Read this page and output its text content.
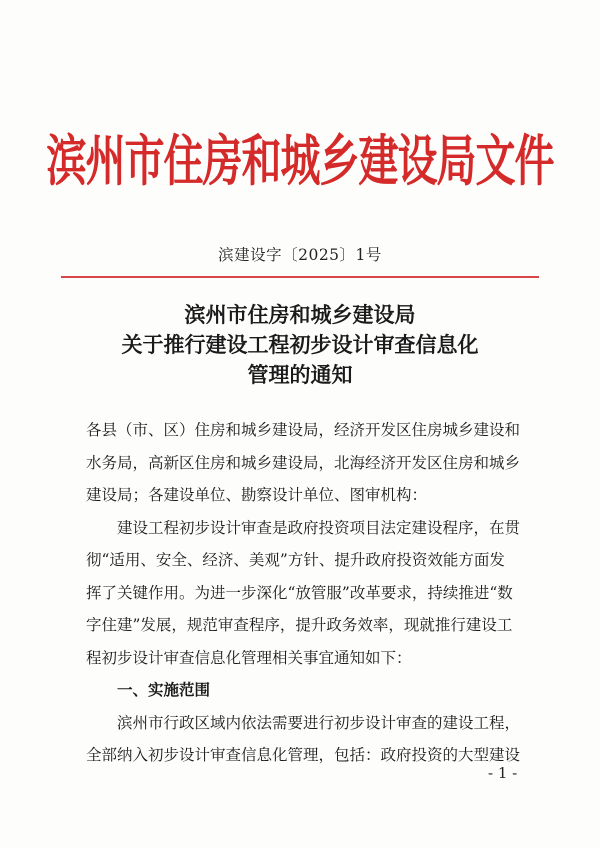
滨州市住房和城乡建设局文件
滨建设字〔2025〕1号
滨州市住房和城乡建设局
关于推行建设工程初步设计审查信息化
管理的通知
各县（市、区）住房和城乡建设局，经济开发区住房城乡建设和
水务局，高新区住房和城乡建设局，北海经济开发区住房和城乡
建设局；各建设单位、勘察设计单位、图审机构：
建设工程初步设计审查是政府投资项目法定建设程序，在贯
彻“适用、安全、经济、美观”方针、提升政府投资效能方面发
挥了关键作用。为进一步深化“放管服”改革要求，持续推进“数
字住建”发展，规范审查程序，提升政务效率，现就推行建设工
程初步设计审查信息化管理相关事宜通知如下：
一、实施范围
滨州市行政区域内依法需要进行初步设计审查的建设工程，
全部纳入初步设计审查信息化管理，包括：政府投资的大型建设
- 1 -
